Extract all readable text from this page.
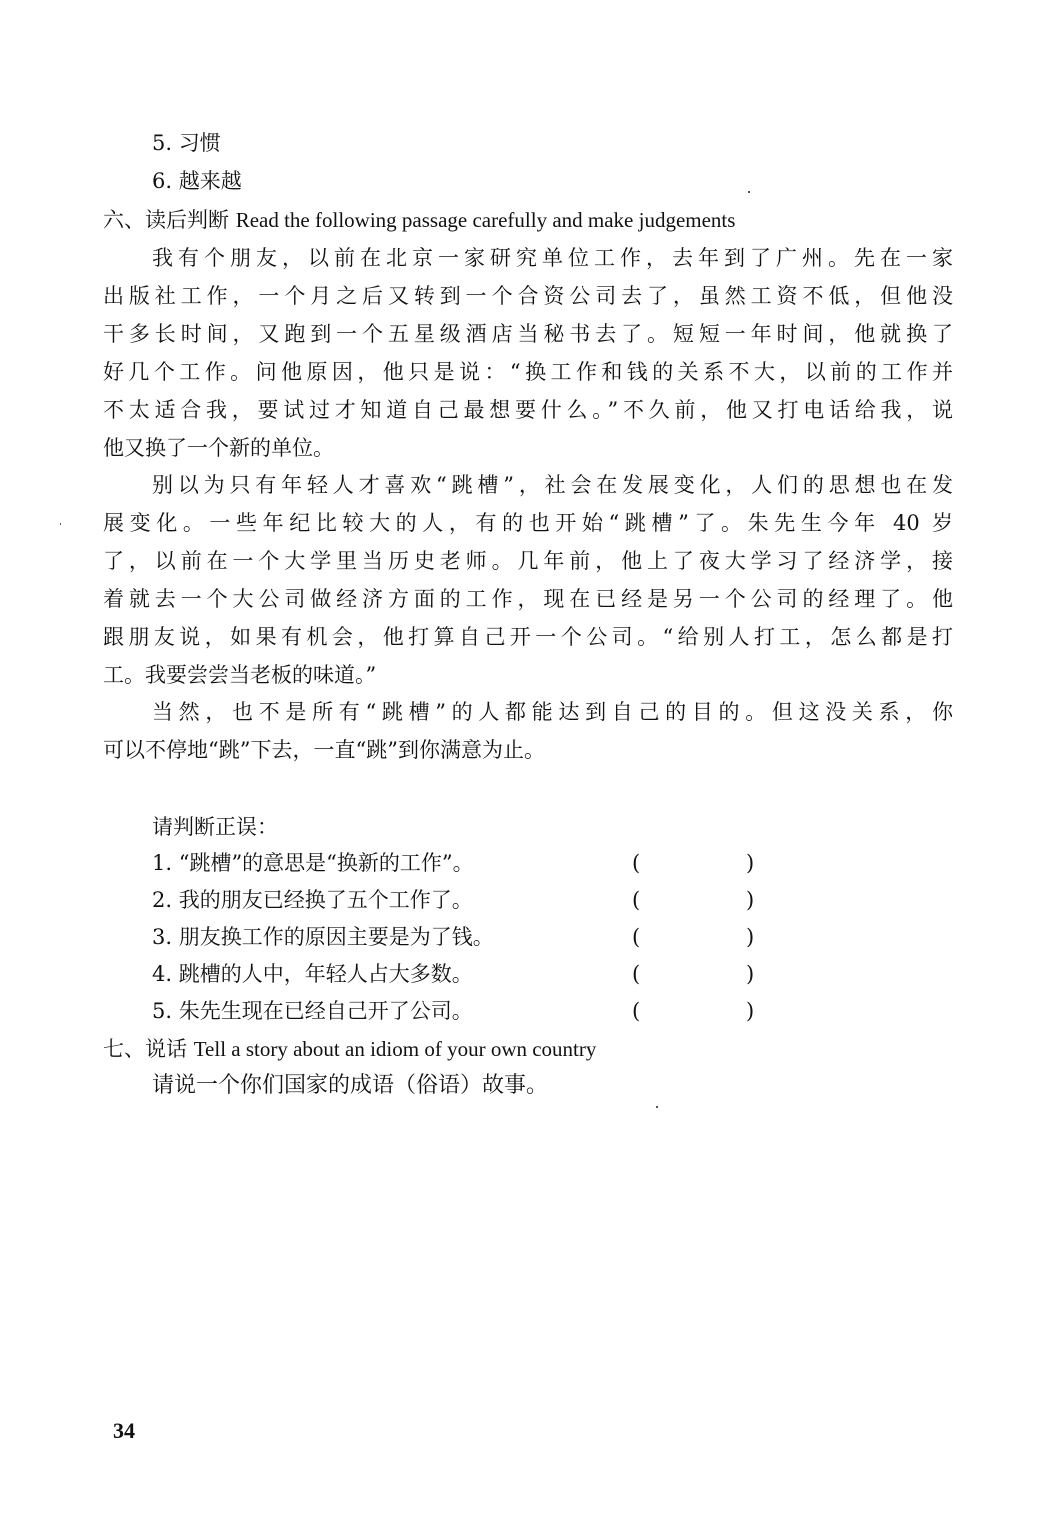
5. 习惯
6. 越来越
六、读后判断 Read the following passage carefully and make judgements
我有个朋友，以前在北京一家研究单位工作，去年到了广州。先在一家
出版社工作，一个月之后又转到一个合资公司去了，虽然工资不低，但他没
干多长时间，又跑到一个五星级酒店当秘书去了。短短一年时间，他就换了
好几个工作。问他原因，他只是说：“换工作和钱的关系不大，以前的工作并
不太适合我，要试过才知道自己最想要什么。”不久前，他又打电话给我，说
他又换了一个新的单位。
别以为只有年轻人才喜欢“跳槽”，社会在发展变化，人们的思想也在发
展变化。一些年纪比较大的人，有的也开始“跳槽”了。朱先生今年 40 岁
了，以前在一个大学里当历史老师。几年前，他上了夜大学习了经济学，接
着就去一个大公司做经济方面的工作，现在已经是另一个公司的经理了。他
跟朋友说，如果有机会，他打算自己开一个公司。“给别人打工，怎么都是打
工。我要尝尝当老板的味道。”
当然，也不是所有“跳槽”的人都能达到自己的目的。但这没关系，你
可以不停地“跳”下去，一直“跳”到你满意为止。
请判断正误：
1. “跳槽”的意思是“换新的工作”。	(	)
2. 我的朋友已经换了五个工作了。	(	)
3. 朋友换工作的原因主要是为了钱。	(	)
4. 跳槽的人中，年轻人占大多数。	(	)
5. 朱先生现在已经自己开了公司。	(	)
七、说话 Tell a story about an idiom of your own country
请说一个你们国家的成语（俗语）故事。
34
